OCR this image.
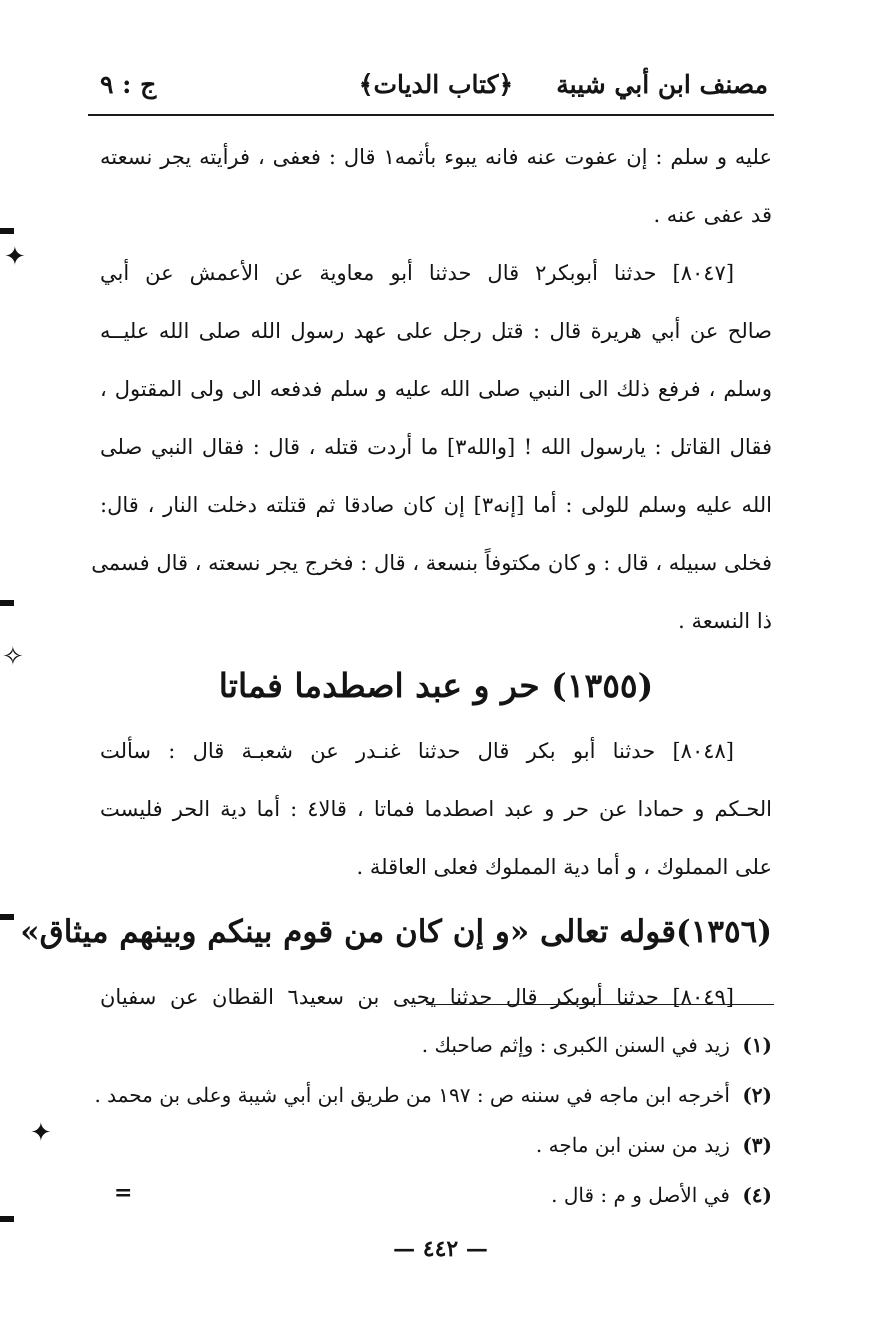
مصنف ابن أبي شيبة
﴿كتاب الديات﴾
ج : ٩
عليه و سلم : إن عفوت عنه فانه يبوء بأثمه١ قال : فعفى ، فرأيته يجر نسعته
قد عفى عنه .
[٨٠٤٧] حدثنا أبوبكر٢ قال حدثنا أبو معاوية عن الأعمش عن أبي
صالح عن أبي هريرة قال : قتل رجل على عهد رسول الله صلى الله عليــه
وسلم ، فرفع ذلك الى النبي صلى الله عليه و سلم فدفعه الى ولى المقتول ،
فقال القاتل : يارسول الله ! [والله٣] ما أردت قتله ، قال : فقال النبي صلى
الله عليه وسلم للولى : أما [إنه٣] إن كان صادقا ثم قتلته دخلت النار ، قال:
فخلى سبيله ، قال : و كان مكتوفاً بنسعة ، قال : فخرج يجر نسعته ، قال فسمى
ذا النسعة .
(١٣٥٥) حر و عبد اصطدما فماتا
[٨٠٤٨] حدثنا أبو بكر قال حدثنا غنـدر عن شعبـة قال : سألت
الحـكم و حمادا عن حر و عبد اصطدما فماتا ، قالا٤ : أما دية الحر فليست
على المملوك ، و أما دية المملوك فعلى العاقلة .
(١٣٥٦)قوله تعالى «و إن كان من قوم بينكم وبينهم ميثاق»
[٨٠٤٩] حدثنا أبوبكر قال حدثنا يحيى بن سعيد٦ القطان عن سفيان
(١) زيد في السنن الكبرى : وإثم صاحبك .
(٢) أخرجه ابن ماجه في سننه ص : ١٩٧ من طريق ابن أبي شيبة وعلى بن محمد .
(٣) زيد من سنن ابن ماجه .
(٤) في الأصل و م : قال .
=
— ٤٤٢ —
✦
✧
✦
